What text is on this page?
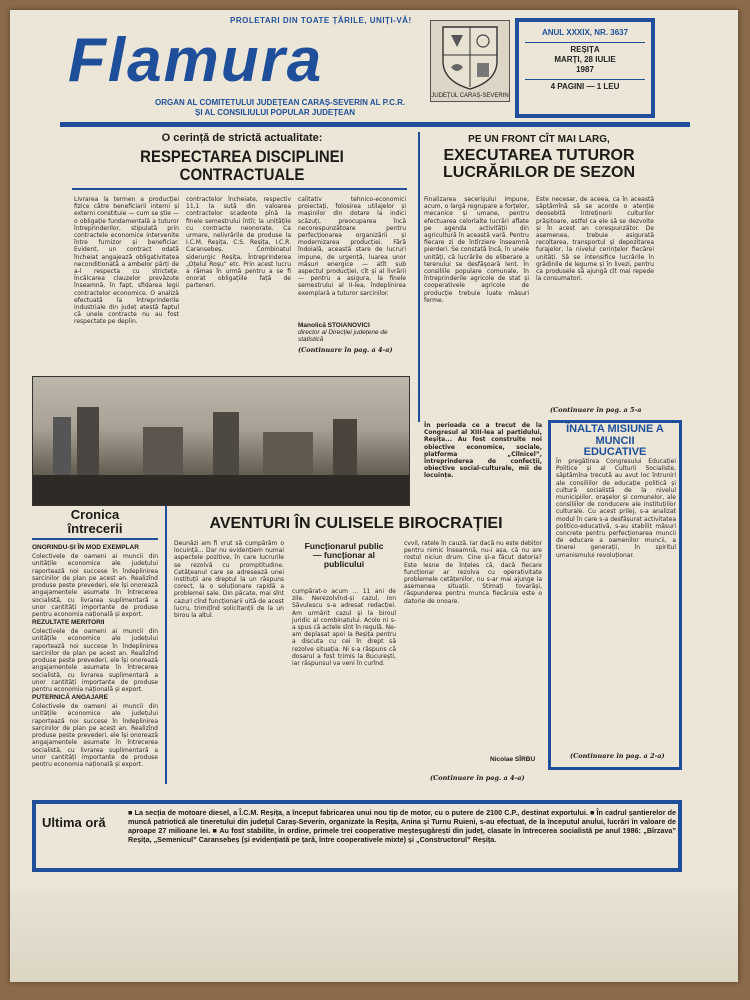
PROLETARI DIN TOATE ȚĂRILE, UNIȚI-VĂ!
Flamura
ORGAN AL COMITETULUI JUDEȚEAN CARAȘ-SEVERIN AL P.C.R.
ȘI AL CONSILIULUI POPULAR JUDEȚEAN
JUDEȚUL CARAȘ-SEVERIN
ANUL XXXIX, NR. 3637
REȘIȚA
MARȚI, 28 IULIE
1987
4 PAGINI — 1 LEU
O cerință de strictă actualitate:
RESPECTAREA DISCIPLINEI CONTRACTUALE
Livrarea la termen a producției fizice către beneficiarii interni și externi constituie — cum se știe — o obligație fundamentală a tuturor întreprinderilor, stipulată prin contractele economice intervenite între furnizor și beneficiar. Evident, un contract odată încheiat angajează obligativitatea neconditionată a ambelor părți de a-l respecta cu strictețe. Încălcarea clauzelor prevăzute înseamnă, în fapt, sfidarea legii contractelor economice. O analiză efectuată la întreprinderile industriale din județ atestă faptul că unele contracte nu au fost respectate pe deplin.
contractelor încheiate, respectiv 11,1 la sută din valoarea contractelor scadente pînă la finele semestrului întîi; la unitățile cu contracte neonorate. Ca urmare, nelivrările de produse la I.C.M. Reșița, C.S. Reșița, I.C.R. Caransebeș, Combinatul siderurgic Reșița, Întreprinderea „Oțelul Roșu” etc. Prin acest lucru a rămas în urmă pentru a se fi onorat obligațiile față de parteneri.
calitativ tehnico-economici proiectați, folosirea utilajelor și mașinilor din dotare la indici scăzuți, preocuparea încă necorespunzătoare pentru perfecționarea organizării și modernizarea producției. Fără îndoială, această stare de lucruri impune, de urgență, luarea unor măsuri energice — atît sub aspectul producției, cît și al livrării — pentru a asigura, la finele semestrului al II-lea, îndeplinirea exemplară a tuturor sarcinilor.
Manolică STOIANOVICI
director al Direcției județene de statistică
(Continuare în pag. a 4-a)
PE UN FRONT CÎT MAI LARG,
EXECUTAREA TUTUROR
LUCRĂRILOR DE SEZON
Finalizarea secerișului impune, acum, o largă regrupare a forțelor, mecanice și umane, pentru efectuarea celorlalte lucrări aflate pe agenda activității din agricultură în această vară. Pentru fiecare zi de întîrziere înseamnă pierderi. Se constată încă, în unele unități, că lucrările de eliberare a terenului se desfășoară lent. În consiliile populare comunale, în întreprinderile agricole de stat și cooperativele agricole de producție trebuie luate măsuri ferme.
Este necesar, de aceea, ca în această săptămînă să se acorde o atenție deosebită întreținerii culturilor prășitoare, astfel ca ele să se dezvolte și în acest an corespunzător. De asemenea, trebuie asigurată recoltarea, transportul și depozitarea furajelor, la nivelul cerințelor fiecărei unități. Să se intensifice lucrările în grădinile de legume și în livezi, pentru ca produsele să ajungă cît mai repede la consumatori.
(Continuare în pag. a 5-a
În perioada ce a trecut de la Congresul al XIII-lea al partidului, Reșița... Au fost construite noi obiective economice, sociale, platforma „Cîlnicel”, întreprinderea de confecții, obiective social-culturale, mii de locuințe.
ÎNALTA MISIUNE A MUNCII
EDUCATIVE
În pregătirea Congresului Educației Politice și al Culturii Socialiste, săptămîna trecută au avut loc întruniri ale consiliilor de educație politică și cultură socialistă de la nivelul municipiilor, orașelor și comunelor, ale consiliilor de conducere ale instituțiilor culturale. Cu acest prilej, s-a analizat modul în care s-a desfășurat activitatea politico-educativă, s-au stabilit măsuri concrete pentru perfecționarea muncii de educare a oamenilor muncii, a tinerei generații, în spiritul umanismului revoluționar.
(Continuare în pag. a 2-a)
Cronica
întrecerii
ONORINDU-ȘI ÎN MOD EXEMPLAR
Colectivele de oameni ai muncii din unitățile economice ale județului raportează noi succese în îndeplinirea sarcinilor de plan pe acest an. Realizînd produse peste prevederi, ele își onorează angajamentele asumate în întrecerea socialistă, cu livrarea suplimentară a unor cantități importante de produse pentru economia națională și export.
REZULTATE MERITORII
Colectivele de oameni ai muncii din unitățile economice ale județului raportează noi succese în îndeplinirea sarcinilor de plan pe acest an. Realizînd produse peste prevederi, ele își onorează angajamentele asumate în întrecerea socialistă, cu livrarea suplimentară a unor cantități importante de produse pentru economia națională și export.
PUTERNICĂ ANGAJARE
Colectivele de oameni ai muncii din unitățile economice ale județului raportează noi succese în îndeplinirea sarcinilor de plan pe acest an. Realizînd produse peste prevederi, ele își onorează angajamentele asumate în întrecerea socialistă, cu livrarea suplimentară a unor cantități importante de produse pentru economia națională și export.
AVENTURI ÎN CULISELE BIROCRAȚIEI
Deunăzi am fi vrut să cumpărăm o locuință... Dar nu evidențiem numai aspectele pozitive, în care lucrurile se rezolvă cu promptitudine. Cetățeanul care se adresează unei instituții are dreptul la un răspuns corect, la o soluționare rapidă a problemei sale. Din păcate, mai sînt cazuri cînd funcționarii uită de acest lucru, trimițînd solicitanții de la un birou la altul.
Funcționarul public
— funcționar al
publicului
cumpărat-o acum ... 11 ani de zile. Nerezolvînd-și cazul, Ion Săvulescu s-a adresat redacției. Am urmărit cazul și la biroul juridic al combinatului. Acolo ni s-a spus că actele sînt în regulă. Ne-am deplasat apoi la Reșița pentru a discuta cu cei în drept să rezolve situația. Ni s-a răspuns că dosarul a fost trimis la București, iar răspunsul va veni în curînd.
cvvil, ratele în cauză. Iar dacă nu este debitor pentru nimic înseamnă, nu-i așa, că nu are rostul niciun drum. Cine și-a făcut datoria? Este lesne de înțeles că, dacă fiecare funcționar ar rezolva cu operativitate problemele cetățenilor, nu s-ar mai ajunge la asemenea situații. Stimați tovarăși, răspunderea pentru munca fiecăruia este o datorie de onoare.
Nicolae SÎRBU
(Continuare în pag. a 4-a)
Ultima oră
■ La secția de motoare diesel, a Î.C.M. Reșița, a început fabricarea unui nou tip de motor, cu o putere de 2100 C.P., destinat exportului. ■ În cadrul șantierelor de muncă patriotică ale tineretului din județul Caraș-Severin, organizate la Reșița, Anina și Turnu Ruieni, s-au efectuat, de la începutul anului, lucrări în valoare de aproape 27 milioane lei. ■ Au fost stabilite, în ordine, primele trei cooperative meșteșugărești din județ, clasate în întrecerea socialistă pe anul 1986: „Bîrzava” Reșița, „Semenicul” Caransebeș (și evidențiată pe țară, între cooperativele mixte) și „Constructorul” Reșița.
